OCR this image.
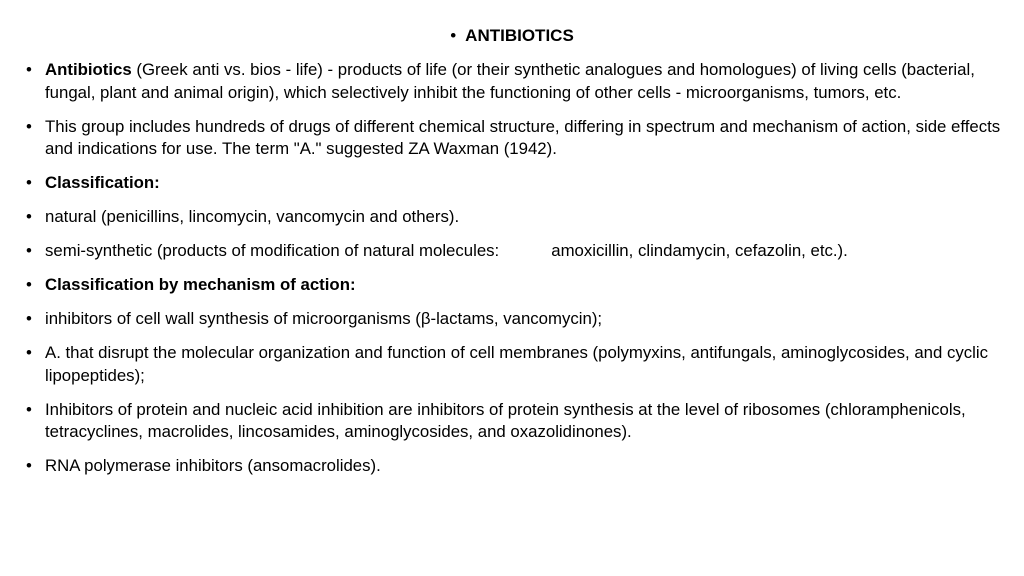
• ANTIBIOTICS
• Antibiotics (Greek anti vs. bios - life) - products of life (or their synthetic analogues and homologues) of living cells (bacterial, fungal, plant and animal origin), which selectively inhibit the functioning of other cells - microorganisms, tumors, etc.
• This group includes hundreds of drugs of different chemical structure, differing in spectrum and mechanism of action, side effects and indications for use. The term "A." suggested ZA Waxman (1942).
• Classification:
• natural (penicillins, lincomycin, vancomycin and others).
• semi-synthetic (products of modification of natural molecules:	amoxicillin, clindamycin, cefazolin, etc.).
• Classification by mechanism of action:
• inhibitors of cell wall synthesis of microorganisms (β-lactams, vancomycin);
• A. that disrupt the molecular organization and function of cell membranes (polymyxins, antifungals, aminoglycosides, and cyclic lipopeptides);
• Inhibitors of protein and nucleic acid inhibition are inhibitors of protein synthesis at the level of ribosomes (chloramphenicols, tetracyclines, macrolides, lincosamides, aminoglycosides, and oxazolidinones).
• RNA polymerase inhibitors (ansomacrolides).
